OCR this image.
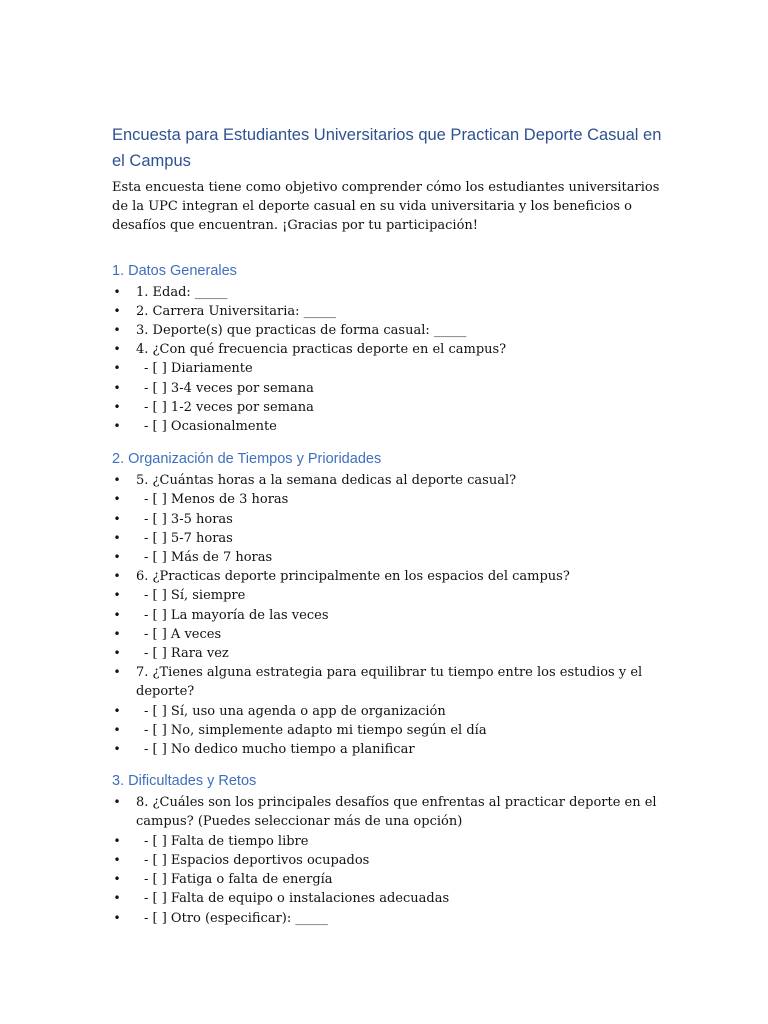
Encuesta para Estudiantes Universitarios que Practican Deporte Casual en el Campus

Esta encuesta tiene como objetivo comprender cómo los estudiantes universitarios de la UPC integran el deporte casual en su vida universitaria y los beneficios o desafíos que encuentran. ¡Gracias por tu participación!

1. Datos Generales
• 1. Edad: _____
• 2. Carrera Universitaria: _____
• 3. Deporte(s) que practicas de forma casual: _____
• 4. ¿Con qué frecuencia practicas deporte en el campus?
• - [ ] Diariamente
• - [ ] 3-4 veces por semana
• - [ ] 1-2 veces por semana
• - [ ] Ocasionalmente
2. Organización de Tiempos y Prioridades
• 5. ¿Cuántas horas a la semana dedicas al deporte casual?
• - [ ] Menos de 3 horas
• - [ ] 3-5 horas
• - [ ] 5-7 horas
• - [ ] Más de 7 horas
• 6. ¿Practicas deporte principalmente en los espacios del campus?
• - [ ] Sí, siempre
• - [ ] La mayoría de las veces
• - [ ] A veces
• - [ ] Rara vez
• 7. ¿Tienes alguna estrategia para equilibrar tu tiempo entre los estudios y el deporte?
• - [ ] Sí, uso una agenda o app de organización
• - [ ] No, simplemente adapto mi tiempo según el día
• - [ ] No dedico mucho tiempo a planificar
3. Dificultades y Retos
• 8. ¿Cuáles son los principales desafíos que enfrentas al practicar deporte en el campus? (Puedes seleccionar más de una opción)
• - [ ] Falta de tiempo libre
• - [ ] Espacios deportivos ocupados
• - [ ] Fatiga o falta de energía
• - [ ] Falta de equipo o instalaciones adecuadas
• - [ ] Otro (especificar): _____
